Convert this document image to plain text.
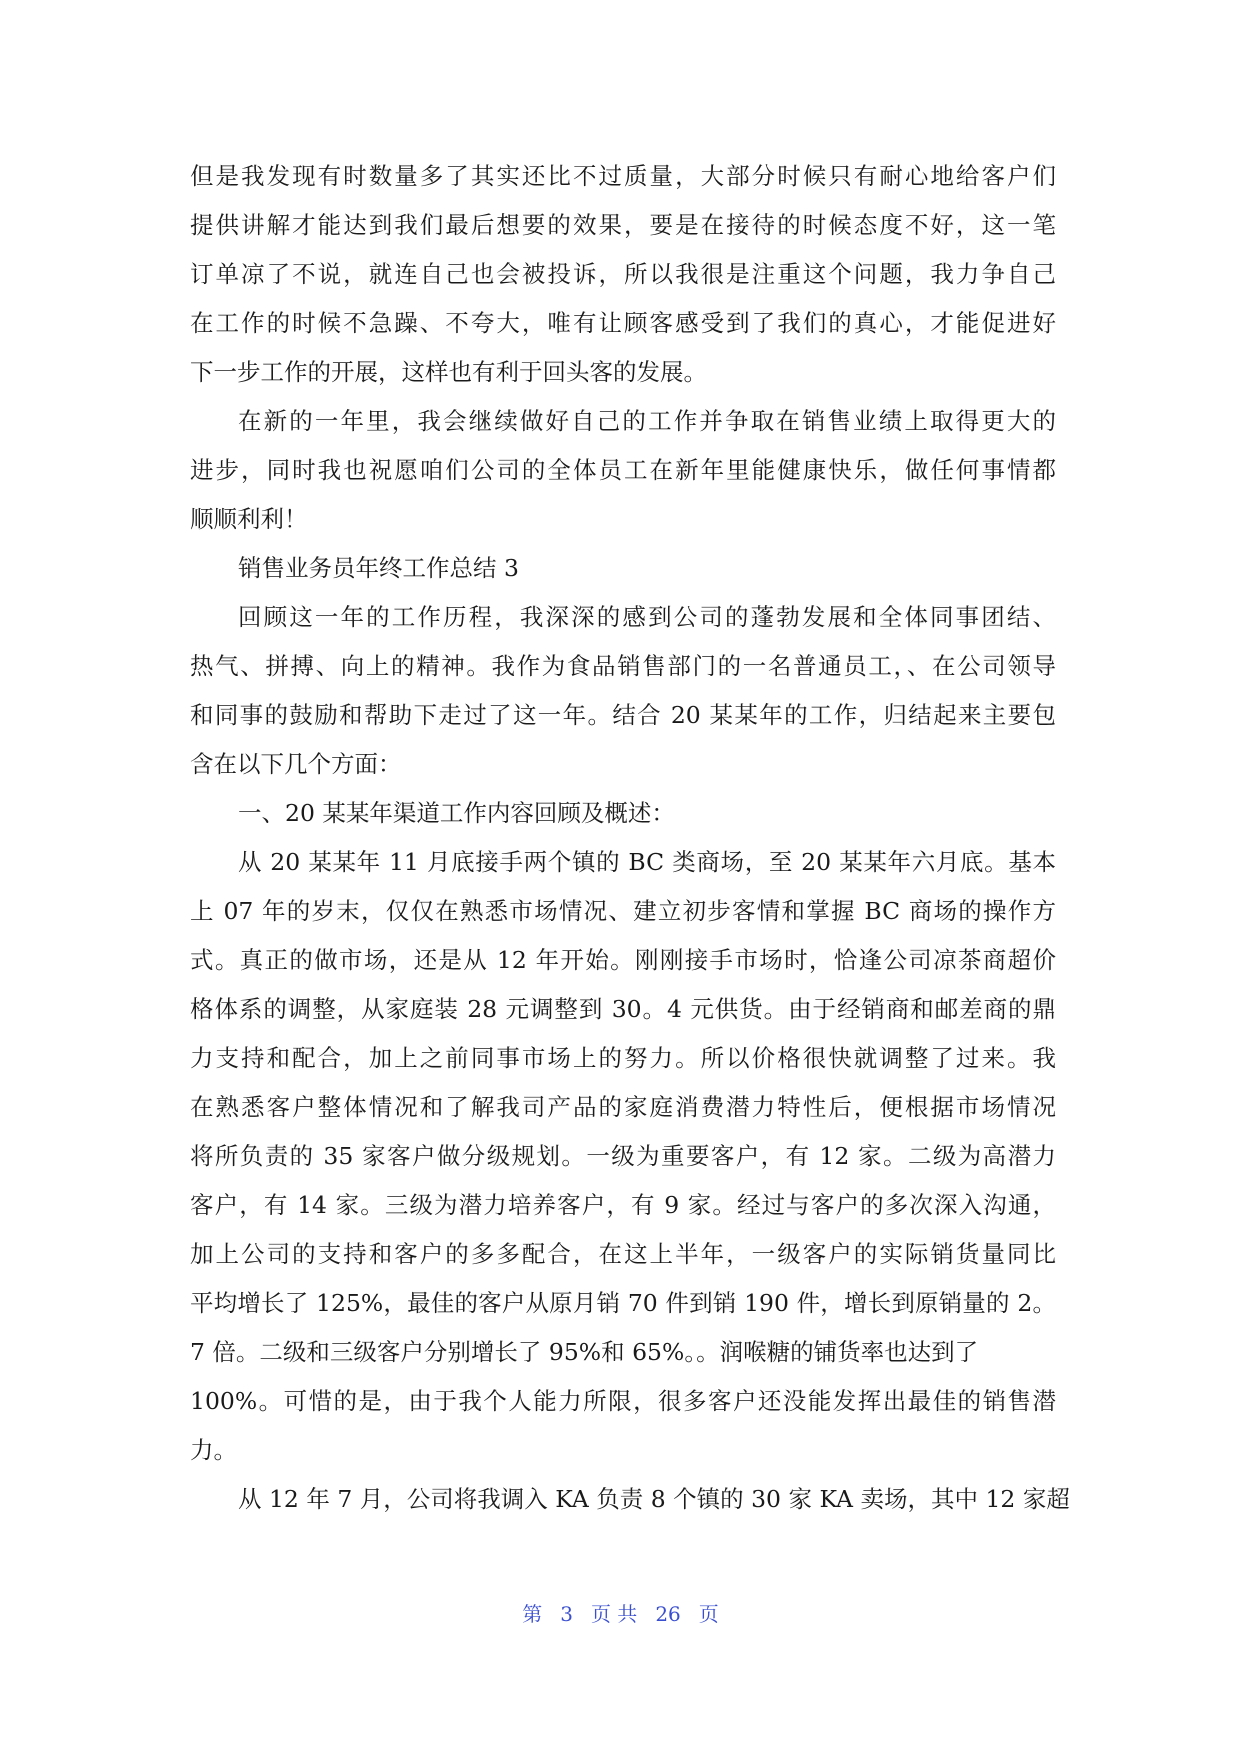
但是我发现有时数量多了其实还比不过质量，大部分时候只有耐心地给客户们

提供讲解才能达到我们最后想要的效果，要是在接待的时候态度不好，这一笔

订单凉了不说，就连自己也会被投诉，所以我很是注重这个问题，我力争自己

在工作的时候不急躁、不夸大，唯有让顾客感受到了我们的真心，才能促进好

下一步工作的开展，这样也有利于回头客的发展。

在新的一年里，我会继续做好自己的工作并争取在销售业绩上取得更大的

进步，同时我也祝愿咱们公司的全体员工在新年里能健康快乐，做任何事情都

顺顺利利！

销售业务员年终工作总结 3

回顾这一年的工作历程，我深深的感到公司的蓬勃发展和全体同事团结、

热气、拼搏、向上的精神。我作为食品销售部门的一名普通员工，、在公司领导

和同事的鼓励和帮助下走过了这一年。结合 20 某某年的工作，归结起来主要包

含在以下几个方面：

一、20 某某年渠道工作内容回顾及概述：

从 20 某某年 11 月底接手两个镇的 BC 类商场，至 20 某某年六月底。基本

上 07 年的岁末，仅仅在熟悉市场情况、建立初步客情和掌握 BC 商场的操作方

式。真正的做市场，还是从 12 年开始。刚刚接手市场时，恰逢公司凉茶商超价

格体系的调整，从家庭装 28 元调整到 30。4 元供货。由于经销商和邮差商的鼎

力支持和配合，加上之前同事市场上的努力。所以价格很快就调整了过来。我

在熟悉客户整体情况和了解我司产品的家庭消费潜力特性后，便根据市场情况

将所负责的 35 家客户做分级规划。一级为重要客户，有 12 家。二级为高潜力

客户，有 14 家。三级为潜力培养客户，有 9 家。经过与客户的多次深入沟通，

加上公司的支持和客户的多多配合，在这上半年，一级客户的实际销货量同比

平均增长了 125%，最佳的客户从原月销 70 件到销 190 件，增长到原销量的 2。

7 倍。二级和三级客户分别增长了 95%和 65%。。润喉糖的铺货率也达到了

100%。可惜的是，由于我个人能力所限，很多客户还没能发挥出最佳的销售潜

力。

从 12 年 7 月，公司将我调入 KA 负责 8 个镇的 30 家 KA 卖场，其中 12 家超

第 3 页 共 26 页
